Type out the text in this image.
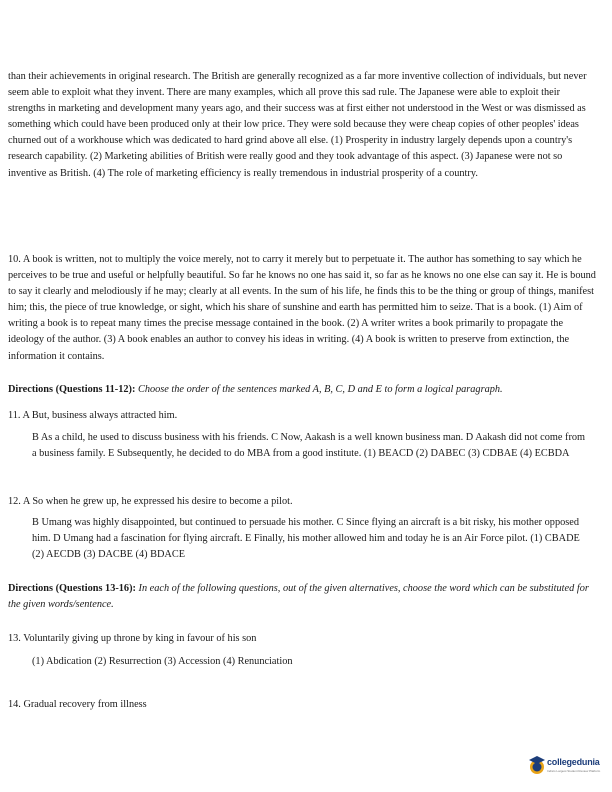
than their achievements in original research. The British are generally recognized as a far more inventive collection of individuals, but never seem able to exploit what they invent. There are many examples, which all prove this sad rule. The Japanese were able to exploit their strengths in marketing and development many years ago, and their success was at first either not understood in the West or was dismissed as something which could have been produced only at their low price. They were sold because they were cheap copies of other peoples' ideas churned out of a workhouse which was dedicated to hard grind above all else. (1) Prosperity in industry largely depends upon a country's research capability. (2) Marketing abilities of British were really good and they took advantage of this aspect. (3) Japanese were not so inventive as British. (4) The role of marketing efficiency is really tremendous in industrial prosperity of a country.

10. A book is written, not to multiply the voice merely, not to carry it merely but to perpetuate it. The author has something to say which he perceives to be true and useful or helpfully beautiful. So far he knows no one has said it, so far as he knows no one else can say it. He is bound to say it clearly and melodiously if he may; clearly at all events. In the sum of his life, he finds this to be the thing or group of things, manifest him; this, the piece of true knowledge, or sight, which his share of sunshine and earth has permitted him to seize. That is a book. (1) Aim of writing a book is to repeat many times the precise message contained in the book. (2) A writer writes a book primarily to propagate the ideology of the author. (3) A book enables an author to convey his ideas in writing. (4) A book is written to preserve from extinction, the information it contains.

Directions (Questions 11-12): Choose the order of the sentences marked A, B, C, D and E to form a logical paragraph.

11. A But, business always attracted him.

B As a child, he used to discuss business with his friends. C Now, Aakash is a well known business man. D Aakash did not come from a business family. E Subsequently, he decided to do MBA from a good institute. (1) BEACD (2) DABEC (3) CDBAE (4) ECBDA

12. A So when he grew up, he expressed his desire to become a pilot.

B Umang was highly disappointed, but continued to persuade his mother. C Since flying an aircraft is a bit risky, his mother opposed him. D Umang had a fascination for flying aircraft. E Finally, his mother allowed him and today he is an Air Force pilot. (1) CBADE (2) AECDB (3) DACBE (4) BDACE

Directions (Questions 13-16): In each of the following questions, out of the given alternatives, choose the word which can be substituted for the given words/sentence.

13. Voluntarily giving up throne by king in favour of his son

(1) Abdication (2) Resurrection (3) Accession (4) Renunciation

14. Gradual recovery from illness

collegedunia
India's Largest Student Review Platform
